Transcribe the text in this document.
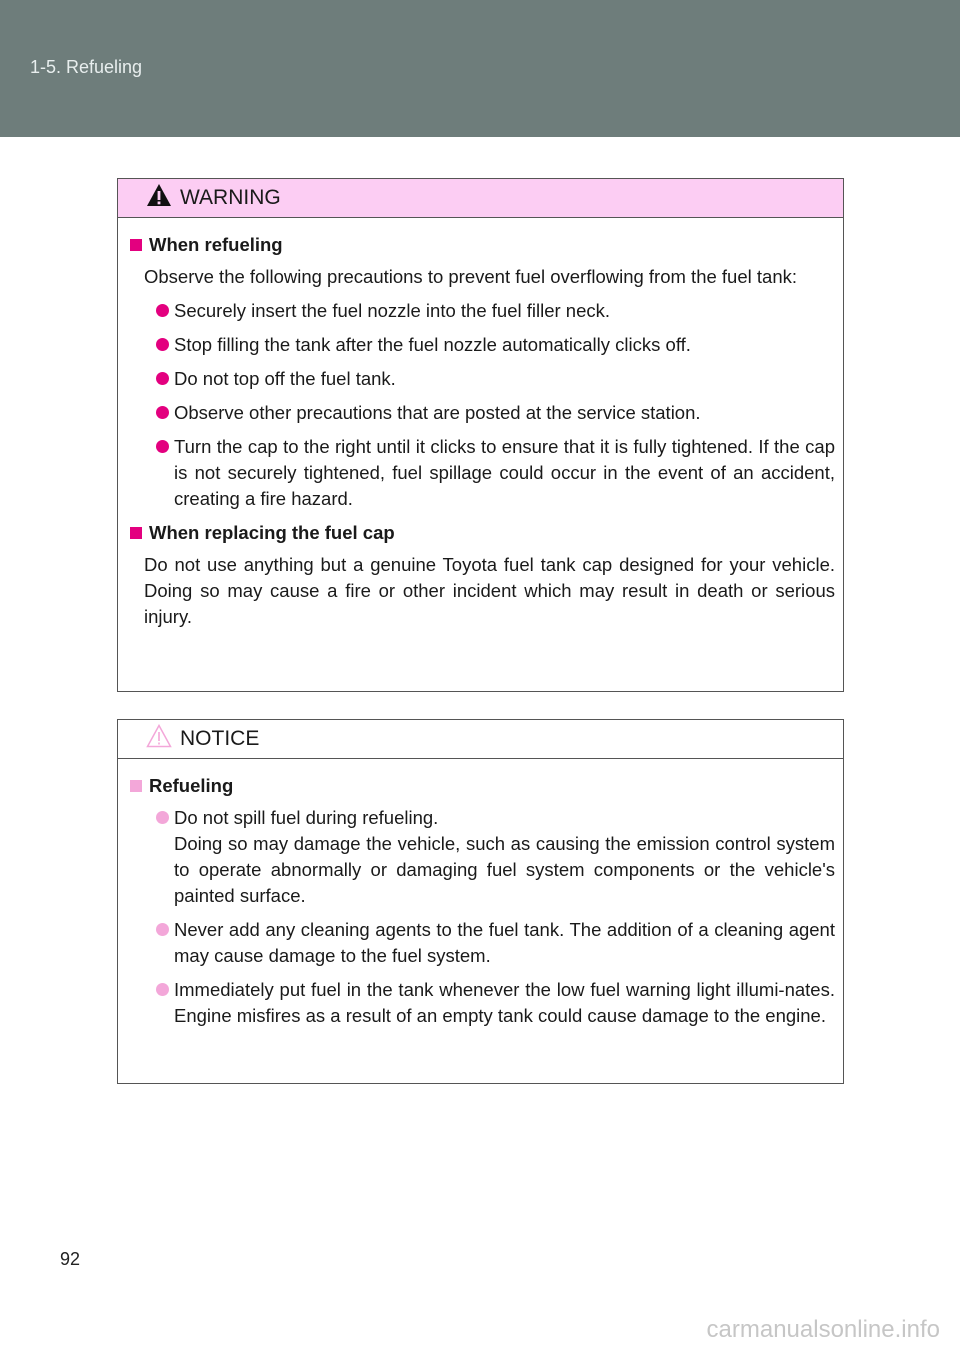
1-5. Refueling
WARNING
When refueling
Observe the following precautions to prevent fuel overflowing from the fuel tank:
Securely insert the fuel nozzle into the fuel filler neck.
Stop filling the tank after the fuel nozzle automatically clicks off.
Do not top off the fuel tank.
Observe other precautions that are posted at the service station.
Turn the cap to the right until it clicks to ensure that it is fully tightened. If the cap is not securely tightened, fuel spillage could occur in the event of an accident, creating a fire hazard.
When replacing the fuel cap
Do not use anything but a genuine Toyota fuel tank cap designed for your vehicle. Doing so may cause a fire or other incident which may result in death or serious injury.
NOTICE
Refueling
Do not spill fuel during refueling.
Doing so may damage the vehicle, such as causing the emission control system to operate abnormally or damaging fuel system components or the vehicle's painted surface.
Never add any cleaning agents to the fuel tank. The addition of a cleaning agent may cause damage to the fuel system.
Immediately put fuel in the tank whenever the low fuel warning light illumi-nates. Engine misfires as a result of an empty tank could cause damage to the engine.
92
carmanualsonline.info
